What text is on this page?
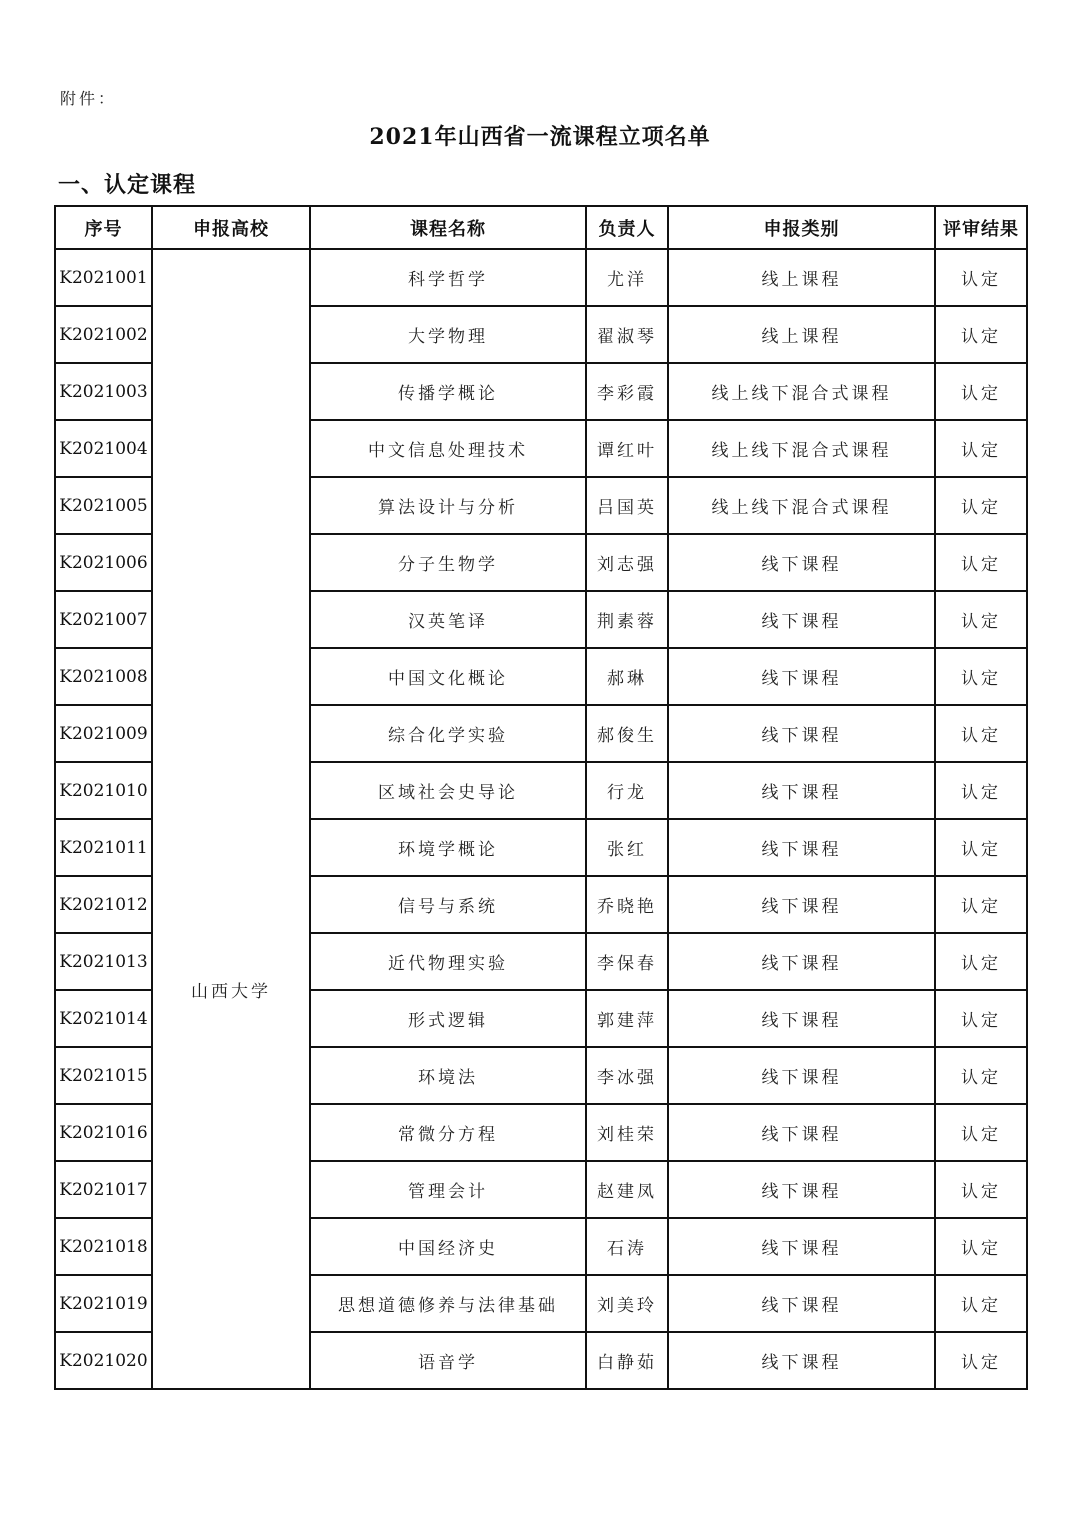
附件：
2021年山西省一流课程立项名单
一、认定课程
序号	申报高校	课程名称	负责人	申报类别	评审结果
K2021001	山西大学	科学哲学	尤洋	线上课程	认定
K2021002		大学物理	翟淑琴	线上课程	认定
K2021003		传播学概论	李彩霞	线上线下混合式课程	认定
K2021004		中文信息处理技术	谭红叶	线上线下混合式课程	认定
K2021005		算法设计与分析	吕国英	线上线下混合式课程	认定
K2021006		分子生物学	刘志强	线下课程	认定
K2021007		汉英笔译	荆素蓉	线下课程	认定
K2021008		中国文化概论	郝琳	线下课程	认定
K2021009		综合化学实验	郝俊生	线下课程	认定
K2021010		区域社会史导论	行龙	线下课程	认定
K2021011		环境学概论	张红	线下课程	认定
K2021012		信号与系统	乔晓艳	线下课程	认定
K2021013		近代物理实验	李保春	线下课程	认定
K2021014		形式逻辑	郭建萍	线下课程	认定
K2021015		环境法	李冰强	线下课程	认定
K2021016		常微分方程	刘桂荣	线下课程	认定
K2021017		管理会计	赵建凤	线下课程	认定
K2021018		中国经济史	石涛	线下课程	认定
K2021019		思想道德修养与法律基础	刘美玲	线下课程	认定
K2021020		语音学	白静茹	线下课程	认定
